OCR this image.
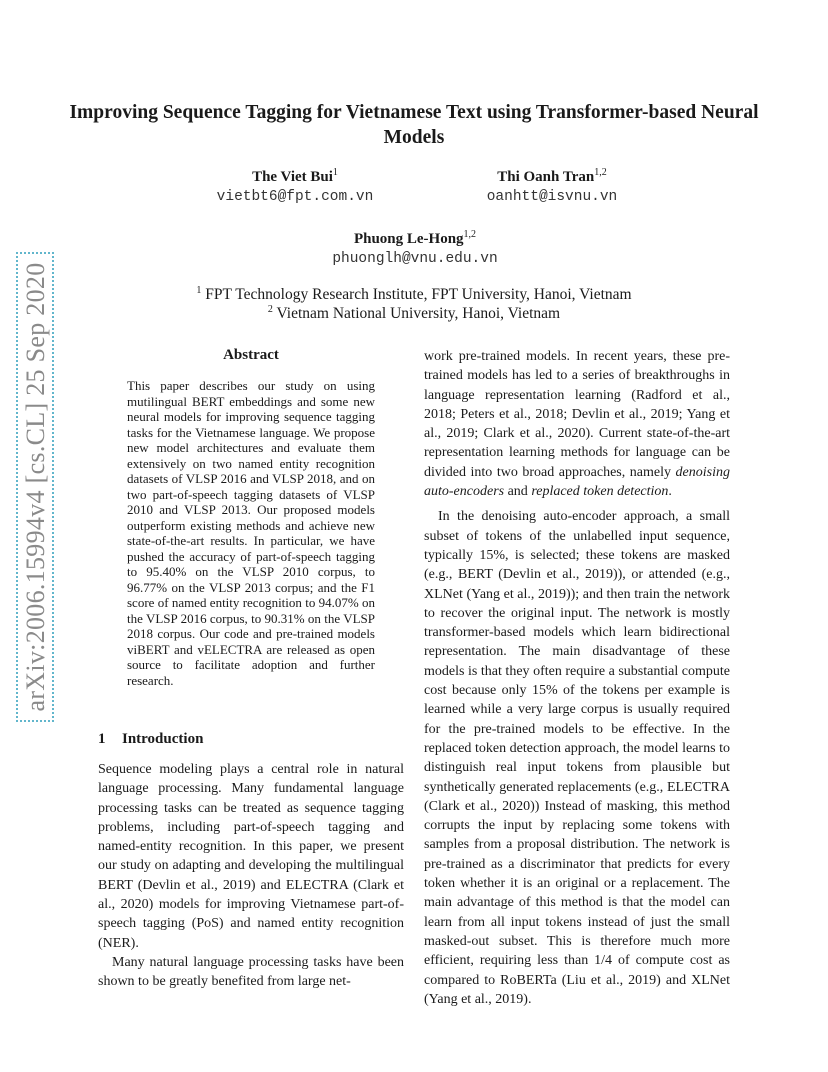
arXiv:2006.15994v4 [cs.CL] 25 Sep 2020
Improving Sequence Tagging for Vietnamese Text using Transformer-based Neural Models
The Viet Bui$^1$
vietbt6@fpt.com.vn
Thi Oanh Tran$^{1,2}$
oanhtt@isvnu.vn
Phuong Le-Hong$^{1,2}$
phuonglh@vnu.edu.vn
$^1$ FPT Technology Research Institute, FPT University, Hanoi, Vietnam
$^2$ Vietnam National University, Hanoi, Vietnam
Abstract
This paper describes our study on using mutilingual BERT embeddings and some new neural models for improving sequence tagging tasks for the Vietnamese language. We propose new model architectures and evaluate them extensively on two named entity recognition datasets of VLSP 2016 and VLSP 2018, and on two part-of-speech tagging datasets of VLSP 2010 and VLSP 2013. Our proposed models outperform existing methods and achieve new state-of-the-art results. In particular, we have pushed the accuracy of part-of-speech tagging to 95.40% on the VLSP 2010 corpus, to 96.77% on the VLSP 2013 corpus; and the F1 score of named entity recognition to 94.07% on the VLSP 2016 corpus, to 90.31% on the VLSP 2018 corpus. Our code and pre-trained models viBERT and vELECTRA are released as open source to facilitate adoption and further research.
1 Introduction

Sequence modeling plays a central role in natural language processing. Many fundamental language processing tasks can be treated as sequence tagging problems, including part-of-speech tagging and named-entity recognition. In this paper, we present our study on adapting and developing the multilingual BERT (Devlin et al., 2019) and ELECTRA (Clark et al., 2020) models for improving Vietnamese part-of-speech tagging (PoS) and named entity recognition (NER).

Many natural language processing tasks have been shown to be greatly benefited from large net-

work pre-trained models. In recent years, these pre-trained models has led to a series of breakthroughs in language representation learning (Radford et al., 2018; Peters et al., 2018; Devlin et al., 2019; Yang et al., 2019; Clark et al., 2020). Current state-of-the-art representation learning methods for language can be divided into two broad approaches, namely denoising auto-encoders and replaced token detection.

In the denoising auto-encoder approach, a small subset of tokens of the unlabelled input sequence, typically 15%, is selected; these tokens are masked (e.g., BERT (Devlin et al., 2019)), or attended (e.g., XLNet (Yang et al., 2019)); and then train the network to recover the original input. The network is mostly transformer-based models which learn bidirectional representation. The main disadvantage of these models is that they often require a substantial compute cost because only 15% of the tokens per example is learned while a very large corpus is usually required for the pre-trained models to be effective. In the replaced token detection approach, the model learns to distinguish real input tokens from plausible but synthetically generated replacements (e.g., ELECTRA (Clark et al., 2020)) Instead of masking, this method corrupts the input by replacing some tokens with samples from a proposal distribution. The network is pre-trained as a discriminator that predicts for every token whether it is an original or a replacement. The main advantage of this method is that the model can learn from all input tokens instead of just the small masked-out subset. This is therefore much more efficient, requiring less than 1/4 of compute cost as compared to RoBERTa (Liu et al., 2019) and XLNet (Yang et al., 2019).
